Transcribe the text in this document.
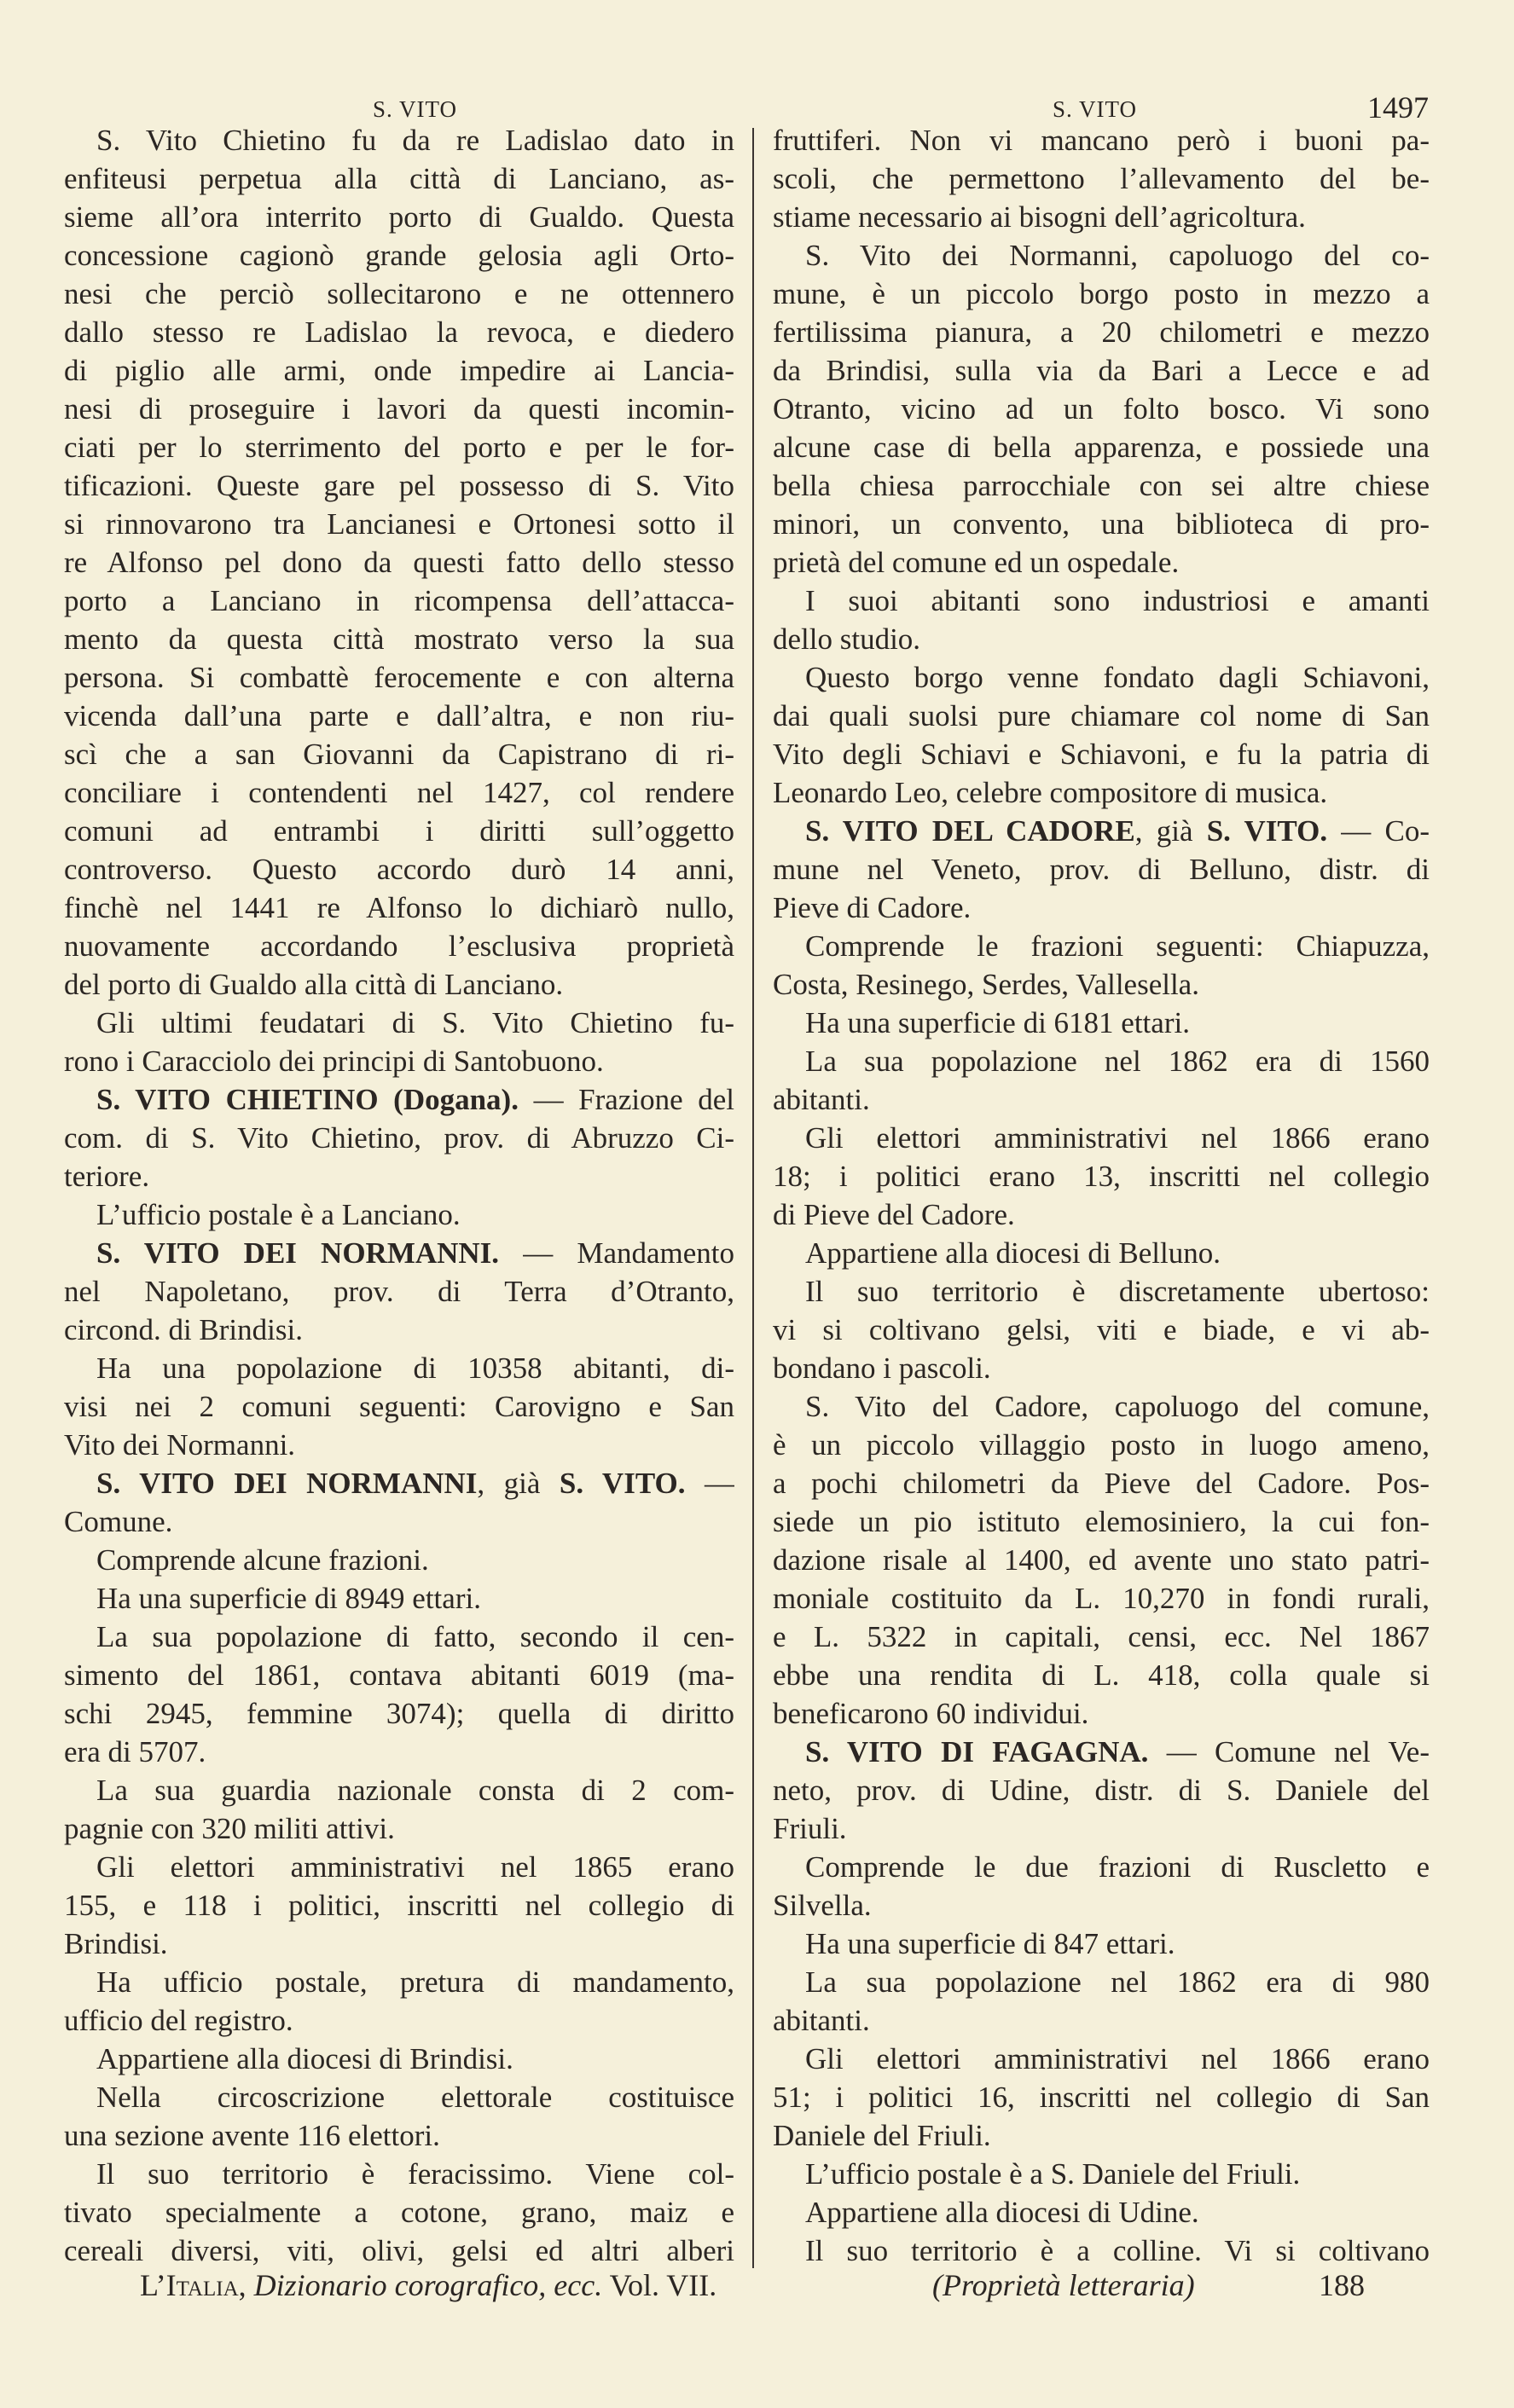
S. VITO	S. VITO	1497
S. Vito Chietino fu da re Ladislao dato in
enfiteusi perpetua alla città di Lanciano, as-
sieme all’ora interrito porto di Gualdo. Questa
concessione cagionò grande gelosia agli Orto-
nesi che perciò sollecitarono e ne ottennero
dallo stesso re Ladislao la revoca, e diedero
di piglio alle armi, onde impedire ai Lancia-
nesi di proseguire i lavori da questi incomin-
ciati per lo sterrimento del porto e per le for-
tificazioni. Queste gare pel possesso di S. Vito
si rinnovarono tra Lancianesi e Ortonesi sotto il
re Alfonso pel dono da questi fatto dello stesso
porto a Lanciano in ricompensa dell’attacca-
mento da questa città mostrato verso la sua
persona. Si combattè ferocemente e con alterna
vicenda dall’una parte e dall’altra, e non riu-
scì che a san Giovanni da Capistrano di ri-
conciliare i contendenti nel 1427, col rendere
comuni ad entrambi i diritti sull’oggetto
controverso. Questo accordo durò 14 anni,
finchè nel 1441 re Alfonso lo dichiarò nullo,
nuovamente accordando l’esclusiva proprietà
del porto di Gualdo alla città di Lanciano.
Gli ultimi feudatari di S. Vito Chietino fu-
rono i Caracciolo dei principi di Santobuono.
S. VITO CHIETINO (Dogana). — Frazione del
com. di S. Vito Chietino, prov. di Abruzzo Ci-
teriore.
L’ufficio postale è a Lanciano.
S. VITO DEI NORMANNI. — Mandamento
nel Napoletano, prov. di Terra d’Otranto,
circond. di Brindisi.
Ha una popolazione di 10358 abitanti, di-
visi nei 2 comuni seguenti: Carovigno e San
Vito dei Normanni.
S. VITO DEI NORMANNI, già S. VITO. —
Comune.
Comprende alcune frazioni.
Ha una superficie di 8949 ettari.
La sua popolazione di fatto, secondo il cen-
simento del 1861, contava abitanti 6019 (ma-
schi 2945, femmine 3074); quella di diritto
era di 5707.
La sua guardia nazionale consta di 2 com-
pagnie con 320 militi attivi.
Gli elettori amministrativi nel 1865 erano
155, e 118 i politici, inscritti nel collegio di
Brindisi.
Ha ufficio postale, pretura di mandamento,
ufficio del registro.
Appartiene alla diocesi di Brindisi.
Nella circoscrizione elettorale costituisce
una sezione avente 116 elettori.
Il suo territorio è feracissimo. Viene col-
tivato specialmente a cotone, grano, maiz e
cereali diversi, viti, olivi, gelsi ed altri alberi
fruttiferi. Non vi mancano però i buoni pa-
scoli, che permettono l’allevamento del be-
stiame necessario ai bisogni dell’agricoltura.
S. Vito dei Normanni, capoluogo del co-
mune, è un piccolo borgo posto in mezzo a
fertilissima pianura, a 20 chilometri e mezzo
da Brindisi, sulla via da Bari a Lecce e ad
Otranto, vicino ad un folto bosco. Vi sono
alcune case di bella apparenza, e possiede una
bella chiesa parrocchiale con sei altre chiese
minori, un convento, una biblioteca di pro-
prietà del comune ed un ospedale.
I suoi abitanti sono industriosi e amanti
dello studio.
Questo borgo venne fondato dagli Schiavoni,
dai quali suolsi pure chiamare col nome di San
Vito degli Schiavi e Schiavoni, e fu la patria di
Leonardo Leo, celebre compositore di musica.
S. VITO DEL CADORE, già S. VITO. — Co-
mune nel Veneto, prov. di Belluno, distr. di
Pieve di Cadore.
Comprende le frazioni seguenti: Chiapuzza,
Costa, Resinego, Serdes, Vallesella.
Ha una superficie di 6181 ettari.
La sua popolazione nel 1862 era di 1560
abitanti.
Gli elettori amministrativi nel 1866 erano
18; i politici erano 13, inscritti nel collegio
di Pieve del Cadore.
Appartiene alla diocesi di Belluno.
Il suo territorio è discretamente ubertoso:
vi si coltivano gelsi, viti e biade, e vi ab-
bondano i pascoli.
S. Vito del Cadore, capoluogo del comune,
è un piccolo villaggio posto in luogo ameno,
a pochi chilometri da Pieve del Cadore. Pos-
siede un pio istituto elemosiniero, la cui fon-
dazione risale al 1400, ed avente uno stato patri-
moniale costituito da L. 10,270 in fondi rurali,
e L. 5322 in capitali, censi, ecc. Nel 1867
ebbe una rendita di L. 418, colla quale si
beneficarono 60 individui.
S. VITO DI FAGAGNA. — Comune nel Ve-
neto, prov. di Udine, distr. di S. Daniele del
Friuli.
Comprende le due frazioni di Ruscletto e
Silvella.
Ha una superficie di 847 ettari.
La sua popolazione nel 1862 era di 980
abitanti.
Gli elettori amministrativi nel 1866 erano
51; i politici 16, inscritti nel collegio di San
Daniele del Friuli.
L’ufficio postale è a S. Daniele del Friuli.
Appartiene alla diocesi di Udine.
Il suo territorio è a colline. Vi si coltivano
L’Italia, Dizionario corografico, ecc. Vol. VII.	(Proprietà letteraria)	188
